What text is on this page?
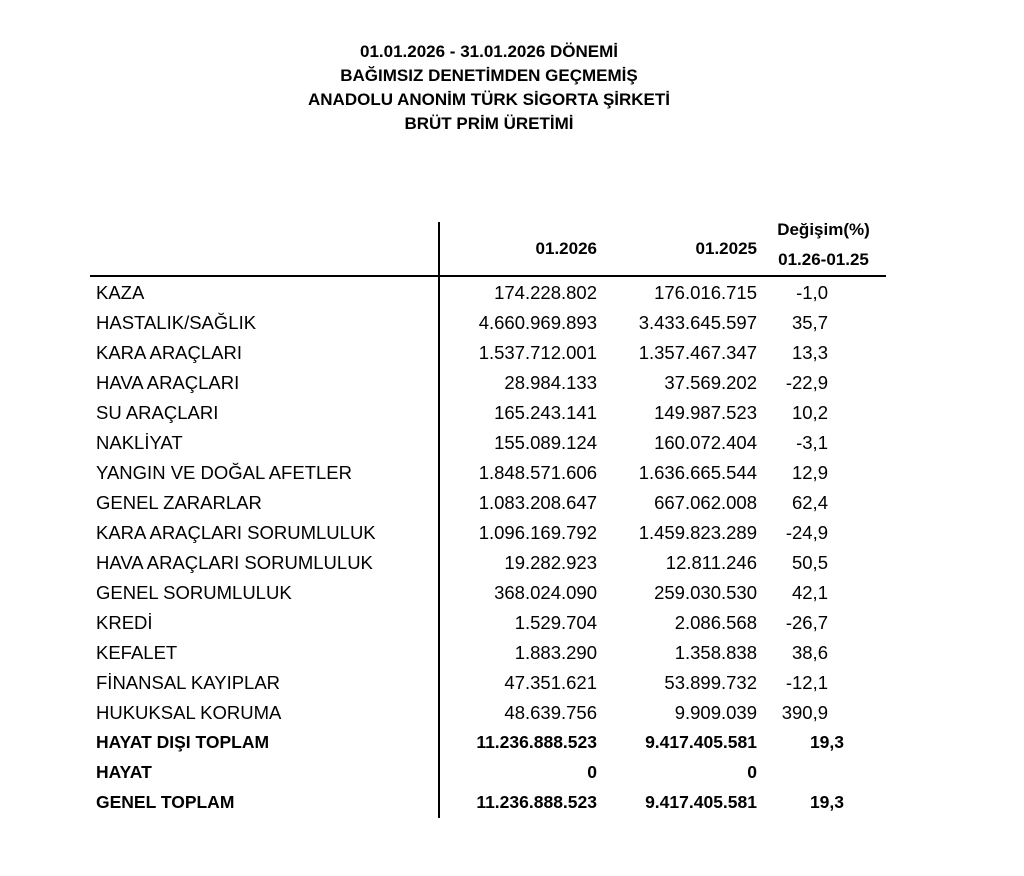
01.01.2026 - 31.01.2026 DÖNEMİ
BAĞIMSIZ DENETİMDEN GEÇMEMİŞ
ANADOLU ANONİM TÜRK SİGORTA ŞİRKETİ
BRÜT PRİM ÜRETİMİ
01.2026	01.2025
Değişim(%)
01.26-01.25
KAZA	174.228.802	176.016.715	-1,0
HASTALIK/SAĞLIK	4.660.969.893	3.433.645.597	35,7
KARA ARAÇLARI	1.537.712.001	1.357.467.347	13,3
HAVA ARAÇLARI	28.984.133	37.569.202	-22,9
SU ARAÇLARI	165.243.141	149.987.523	10,2
NAKLİYAT	155.089.124	160.072.404	-3,1
YANGIN VE DOĞAL AFETLER	1.848.571.606	1.636.665.544	12,9
GENEL ZARARLAR	1.083.208.647	667.062.008	62,4
KARA ARAÇLARI SORUMLULUK	1.096.169.792	1.459.823.289	-24,9
HAVA ARAÇLARI SORUMLULUK	19.282.923	12.811.246	50,5
GENEL SORUMLULUK	368.024.090	259.030.530	42,1
KREDİ	1.529.704	2.086.568	-26,7
KEFALET	1.883.290	1.358.838	38,6
FİNANSAL KAYIPLAR	47.351.621	53.899.732	-12,1
HUKUKSAL KORUMA	48.639.756	9.909.039	390,9
HAYAT DIŞI TOPLAM	11.236.888.523	9.417.405.581	19,3
HAYAT	0	0
GENEL TOPLAM	11.236.888.523	9.417.405.581	19,3
